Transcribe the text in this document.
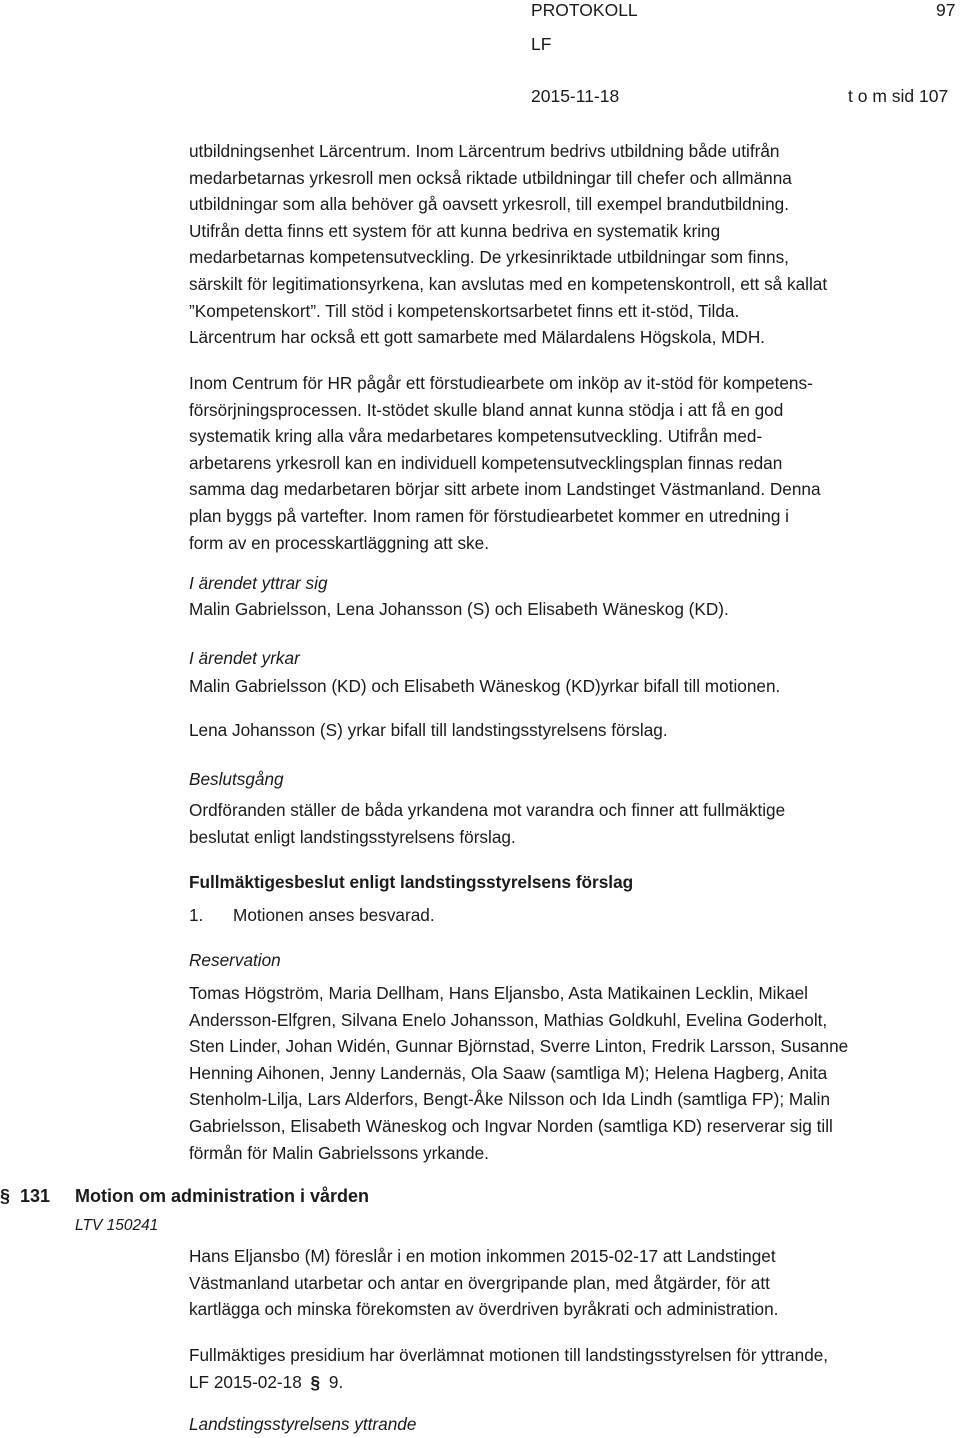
PROTOKOLL	97
LF
2015-11-18	t o m sid 107
utbildningsenhet Lärcentrum. Inom Lärcentrum bedrivs utbildning både utifrån
medarbetarnas yrkesroll men också riktade utbildningar till chefer och allmänna
utbildningar som alla behöver gå oavsett yrkesroll, till exempel brandutbildning.
Utifrån detta finns ett system för att kunna bedriva en systematik kring
medarbetarnas kompetensutveckling. De yrkesinriktade utbildningar som finns,
särskilt för legitimationsyrkena, kan avslutas med en kompetenskontroll, ett så kallat
”Kompetenskort”. Till stöd i kompetenskortsarbetet finns ett it-stöd, Tilda.
Lärcentrum har också ett gott samarbete med Mälardalens Högskola, MDH.
Inom Centrum för HR pågår ett förstudiearbete om inköp av it-stöd för kompetens-
försörjningsprocessen. It-stödet skulle bland annat kunna stödja i att få en god
systematik kring alla våra medarbetares kompetensutveckling. Utifrån med-
arbetarens yrkesroll kan en individuell kompetensutvecklingsplan finnas redan
samma dag medarbetaren börjar sitt arbete inom Landstinget Västmanland. Denna
plan byggs på vartefter. Inom ramen för förstudiearbetet kommer en utredning i
form av en processkartläggning att ske.
I ärendet yttrar sig
Malin Gabrielsson, Lena Johansson (S) och Elisabeth Wäneskog (KD).
I ärendet yrkar
Malin Gabrielsson (KD) och Elisabeth Wäneskog (KD)yrkar bifall till motionen.
Lena Johansson (S) yrkar bifall till landstingsstyrelsens förslag.
Beslutsgång
Ordföranden ställer de båda yrkandena mot varandra och finner att fullmäktige
beslutat enligt landstingsstyrelsens förslag.
Fullmäktigesbeslut enligt landstingsstyrelsens förslag
1. Motionen anses besvarad.
Reservation
Tomas Högström, Maria Dellham, Hans Eljansbo, Asta Matikainen Lecklin, Mikael
Andersson-Elfgren, Silvana Enelo Johansson, Mathias Goldkuhl, Evelina Goderholt,
Sten Linder, Johan Widén, Gunnar Björnstad, Sverre Linton, Fredrik Larsson, Susanne
Henning Aihonen, Jenny Landernäs, Ola Saaw (samtliga M); Helena Hagberg, Anita
Stenholm-Lilja, Lars Alderfors, Bengt-Åke Nilsson och Ida Lindh (samtliga FP); Malin
Gabrielsson, Elisabeth Wäneskog och Ingvar Norden (samtliga KD) reserverar sig till
förmån för Malin Gabrielssons yrkande.
§ 131 Motion om administration i vården
LTV 150241
Hans Eljansbo (M) föreslår i en motion inkommen 2015-02-17 att Landstinget
Västmanland utarbetar och antar en övergripande plan, med åtgärder, för att
kartlägga och minska förekomsten av överdriven byråkrati och administration.
Fullmäktiges presidium har överlämnat motionen till landstingsstyrelsen för yttrande,
LF 2015-02-18 § 9.
Landstingsstyrelsens yttrande
